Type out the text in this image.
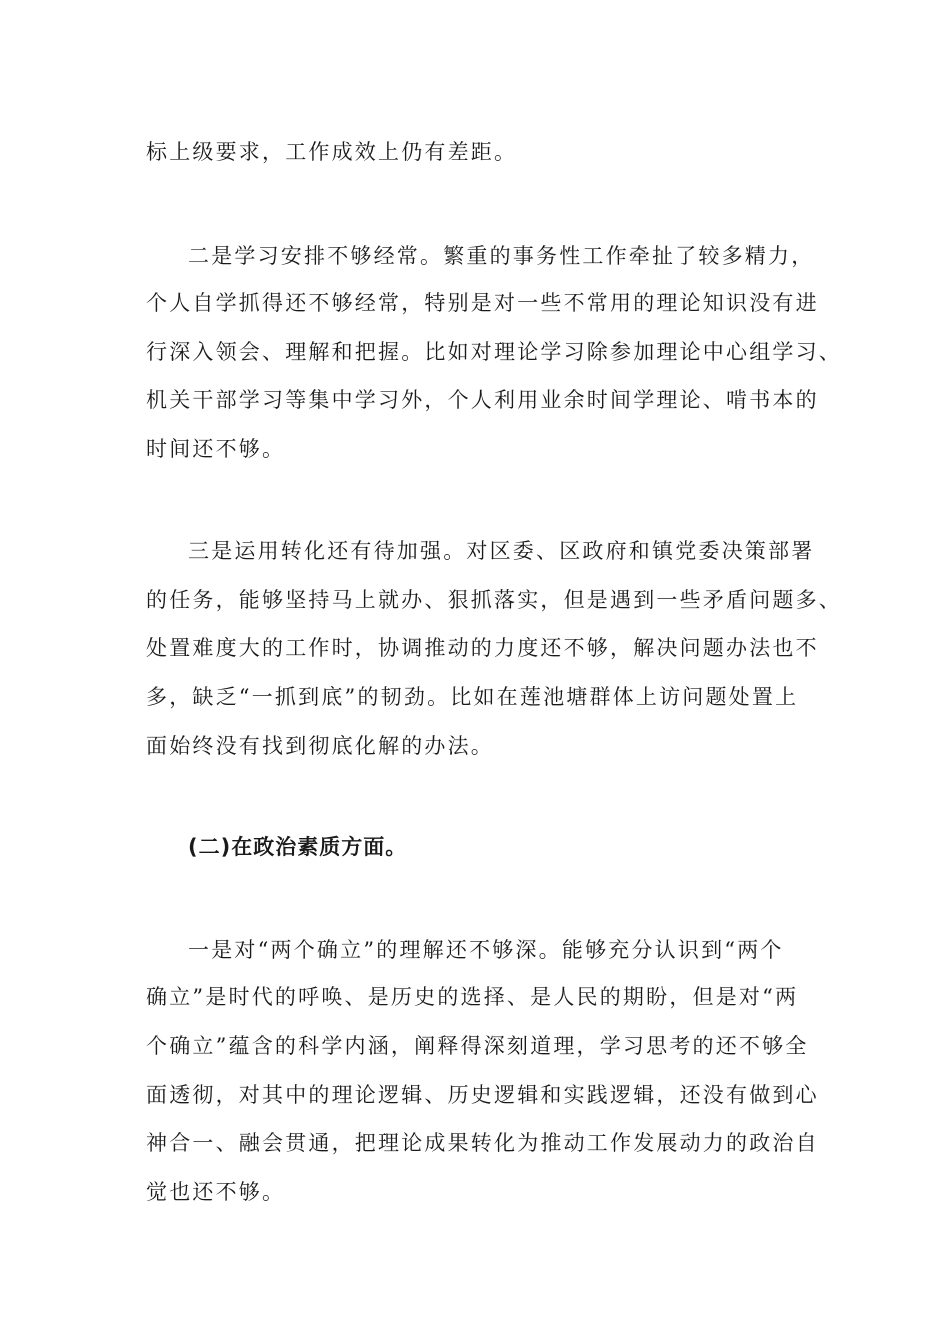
标上级要求，工作成效上仍有差距。
二是学习安排不够经常。繁重的事务性工作牵扯了较多精力，
个人自学抓得还不够经常，特别是对一些不常用的理论知识没有进
行深入领会、理解和把握。比如对理论学习除参加理论中心组学习、
机关干部学习等集中学习外，个人利用业余时间学理论、啃书本的
时间还不够。
三是运用转化还有待加强。对区委、区政府和镇党委决策部署
的任务，能够坚持马上就办、狠抓落实，但是遇到一些矛盾问题多、
处置难度大的工作时，协调推动的力度还不够，解决问题办法也不
多，缺乏“一抓到底”的韧劲。比如在莲池塘群体上访问题处置上
面始终没有找到彻底化解的办法。
(二)在政治素质方面。
一是对“两个确立”的理解还不够深。能够充分认识到“两个
确立”是时代的呼唤、是历史的选择、是人民的期盼，但是对“两
个确立”蕴含的科学内涵，阐释得深刻道理，学习思考的还不够全
面透彻，对其中的理论逻辑、历史逻辑和实践逻辑，还没有做到心
神合一、融会贯通，把理论成果转化为推动工作发展动力的政治自
觉也还不够。
